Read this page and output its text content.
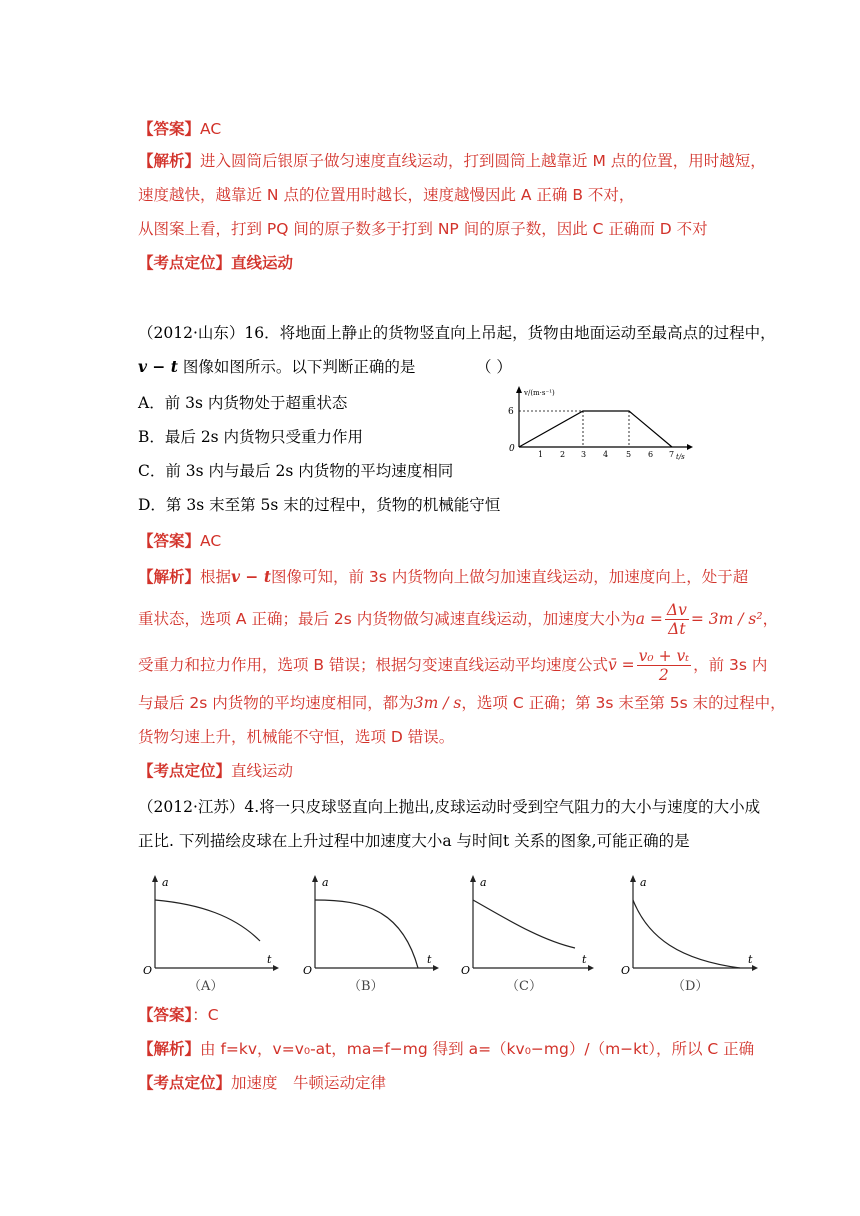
【答案】AC
【解析】进入圆筒后银原子做匀速度直线运动，打到圆筒上越靠近 M 点的位置，用时越短，
速度越快，越靠近 N 点的位置用时越长，速度越慢因此 A 正确 B 不对，
从图案上看，打到 PQ 间的原子数多于打到 NP 间的原子数，因此 C 正确而 D 不对
【考点定位】直线运动
（2012·山东）16．将地面上静止的货物竖直向上吊起，货物由地面运动至最高点的过程中，
v − t 图像如图所示。以下判断正确的是	（ ）
A．前 3s 内货物处于超重状态
B．最后 2s 内货物只受重力作用
C．前 3s 内与最后 2s 内货物的平均速度相同
D．第 3s 末至第 5s 末的过程中，货物的机械能守恒
v/(m·s⁻¹)
6
0
1 2 3 4 5 6 7 t/s
【答案】AC
【解析】根据v − t图像可知，前 3s 内货物向上做匀加速直线运动，加速度向上，处于超
重状态，选项 A 正确；最后 2s 内货物做匀减速直线运动，加速度大小为$a = \frac{\Delta v}{\Delta t} = 3m / s^2$，
受重力和拉力作用，选项 B 错误；根据匀变速直线运动平均速度公式v̄ = $\frac{\text{v₀ + vₜ}}{2}$ ，前 3s 内
与最后 2s 内货物的平均速度相同，都为3m / s，选项 C 正确；第 3s 末至第 5s 末的过程中，
货物匀速上升，机械能不守恒，选项 D 错误。
【考点定位】直线运动
（2012·江苏）4.将一只皮球竖直向上抛出,皮球运动时受到空气阻力的大小与速度的大小成
正比. 下列描绘皮球在上升过程中加速度大小a 与时间t 关系的图象,可能正确的是
a
O
t
（A）
a
O
t
（B）
a
O
t
（C）
a
O
t
（D）
【答案】：C
【解析】由 f=kv，v=v₀-at，ma=f−mg 得到 a=（kv₀−mg）/（m−kt），所以 C 正确
【考点定位】加速度　牛顿运动定律
